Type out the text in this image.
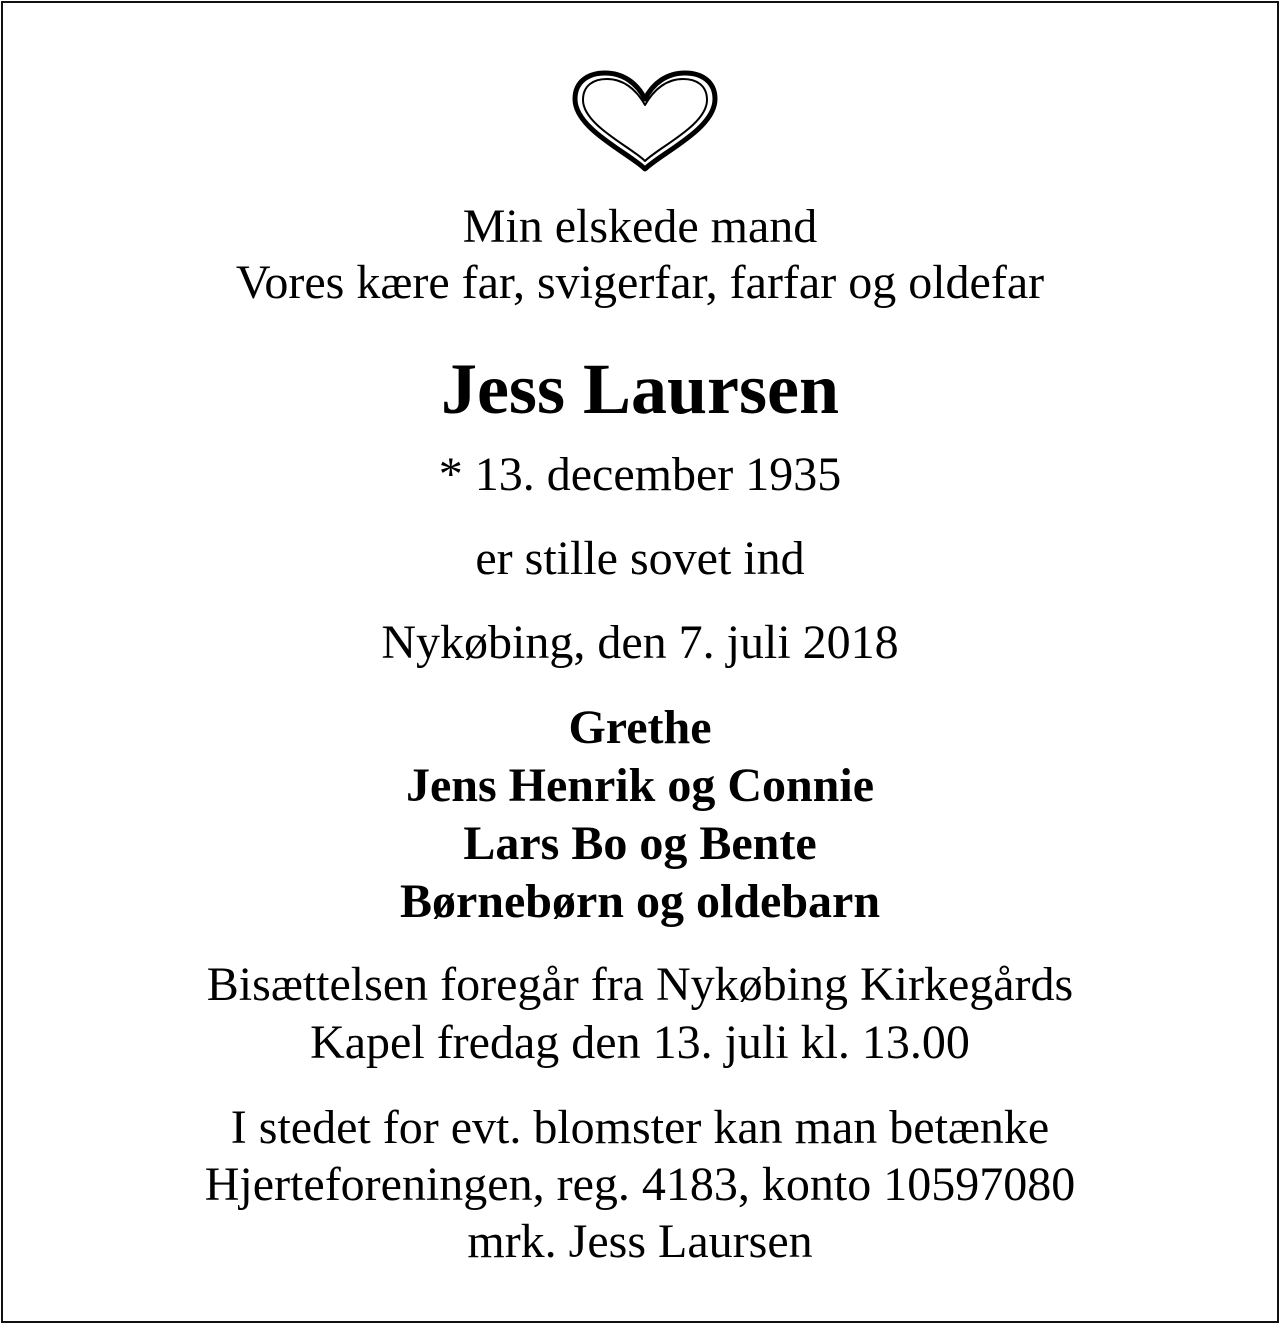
Min elskede mand
Vores kære far, svigerfar, farfar og oldefar
Jess Laursen
* 13. december 1935
er stille sovet ind
Nykøbing, den 7. juli 2018
Grethe
Jens Henrik og Connie
Lars Bo og Bente
Børnebørn og oldebarn
Bisættelsen foregår fra Nykøbing Kirkegårds
Kapel fredag den 13. juli kl. 13.00
I stedet for evt. blomster kan man betænke
Hjerteforeningen, reg. 4183, konto 10597080
mrk. Jess Laursen
